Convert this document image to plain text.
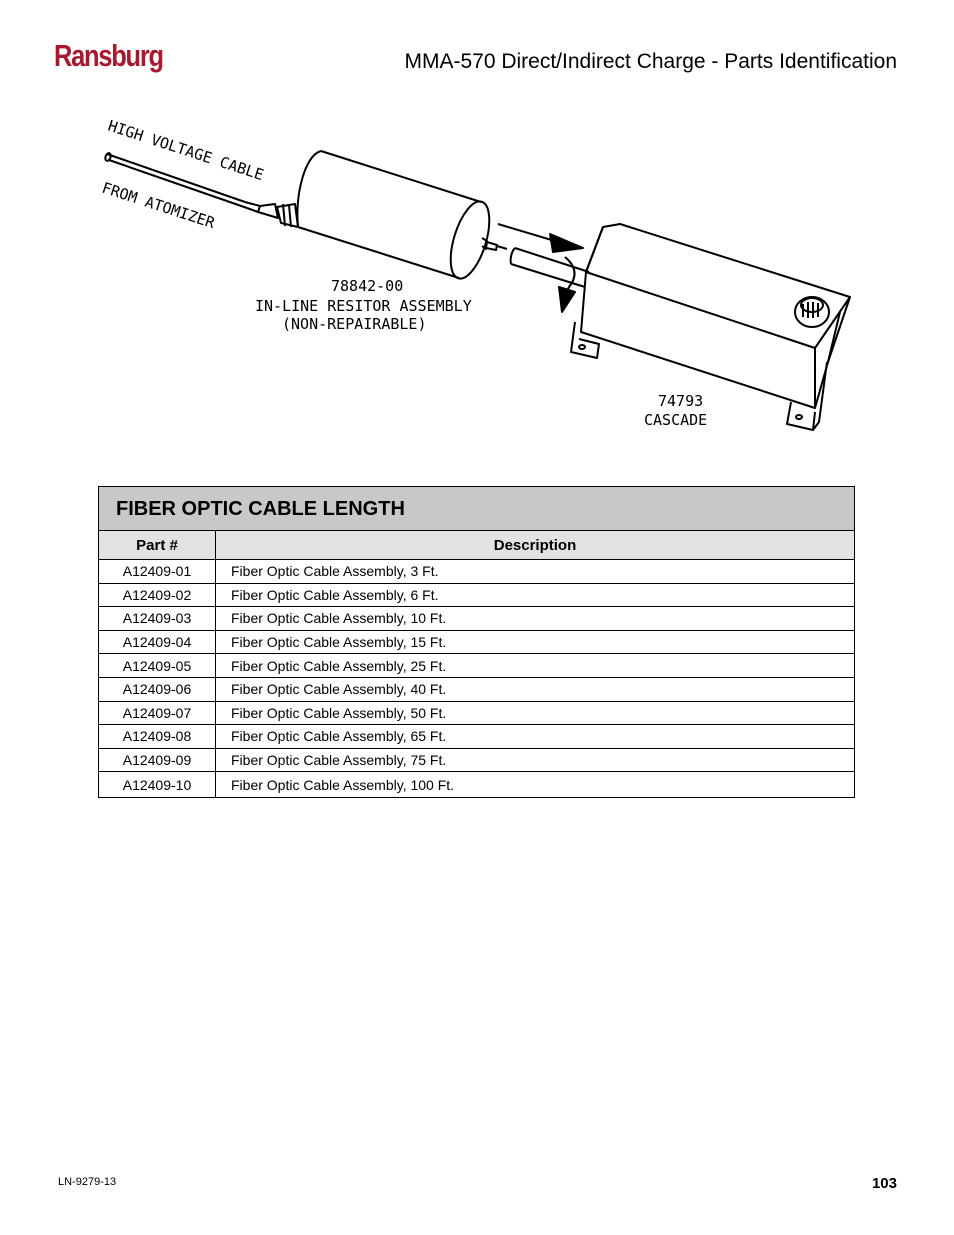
Ransburg	MMA-570 Direct/Indirect Charge - Parts Identification
HIGH VOLTAGE CABLE
FROM ATOMIZER
78842-00
IN-LINE RESITOR ASSEMBLY
(NON-REPAIRABLE)
74793
CASCADE
FIBER OPTIC CABLE LENGTH
Part #	Description
A12409-01	Fiber Optic Cable Assembly, 3 Ft.
A12409-02	Fiber Optic Cable Assembly, 6 Ft.
A12409-03	Fiber Optic Cable Assembly, 10 Ft.
A12409-04	Fiber Optic Cable Assembly, 15 Ft.
A12409-05	Fiber Optic Cable Assembly, 25 Ft.
A12409-06	Fiber Optic Cable Assembly, 40 Ft.
A12409-07	Fiber Optic Cable Assembly, 50 Ft.
A12409-08	Fiber Optic Cable Assembly, 65 Ft.
A12409-09	Fiber Optic Cable Assembly, 75 Ft.
A12409-10	Fiber Optic Cable Assembly, 100 Ft.
LN-9279-13	103
